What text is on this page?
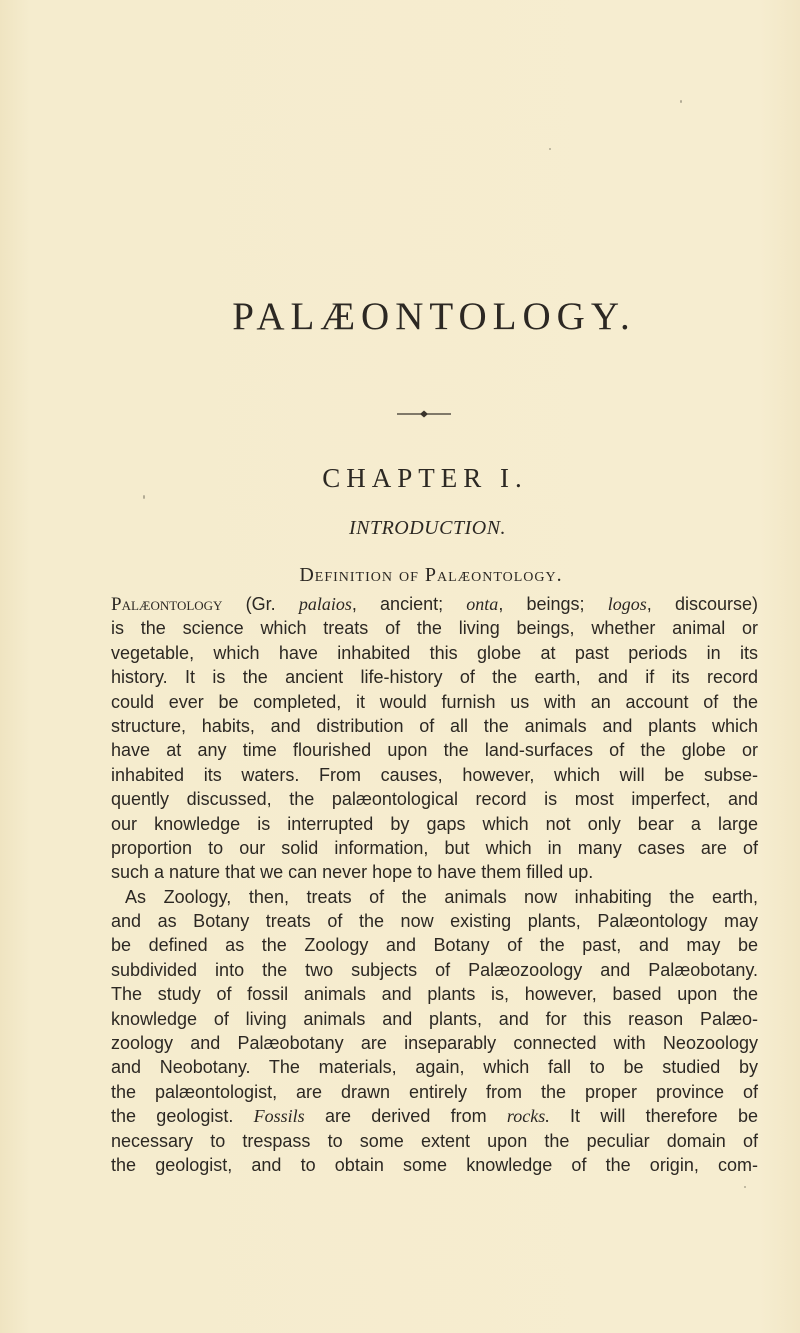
PALÆONTOLOGY.
CHAPTER I.
INTRODUCTION.
Definition of Palæontology.
Palæontology (Gr. palaios, ancient; onta, beings; logos, discourse)
is the science which treats of the living beings, whether animal or
vegetable, which have inhabited this globe at past periods in its
history. It is the ancient life-history of the earth, and if its record
could ever be completed, it would furnish us with an account of the
structure, habits, and distribution of all the animals and plants which
have at any time flourished upon the land-surfaces of the globe or
inhabited its waters. From causes, however, which will be subse-
quently discussed, the palæontological record is most imperfect, and
our knowledge is interrupted by gaps which not only bear a large
proportion to our solid information, but which in many cases are of
such a nature that we can never hope to have them filled up.
As Zoology, then, treats of the animals now inhabiting the earth,
and as Botany treats of the now existing plants, Palæontology may
be defined as the Zoology and Botany of the past, and may be
subdivided into the two subjects of Palæozoology and Palæobotany.
The study of fossil animals and plants is, however, based upon the
knowledge of living animals and plants, and for this reason Palæo-
zoology and Palæobotany are inseparably connected with Neozoology
and Neobotany. The materials, again, which fall to be studied by
the palæontologist, are drawn entirely from the proper province of
the geologist. Fossils are derived from rocks. It will therefore be
necessary to trespass to some extent upon the peculiar domain of
the geologist, and to obtain some knowledge of the origin, com-
